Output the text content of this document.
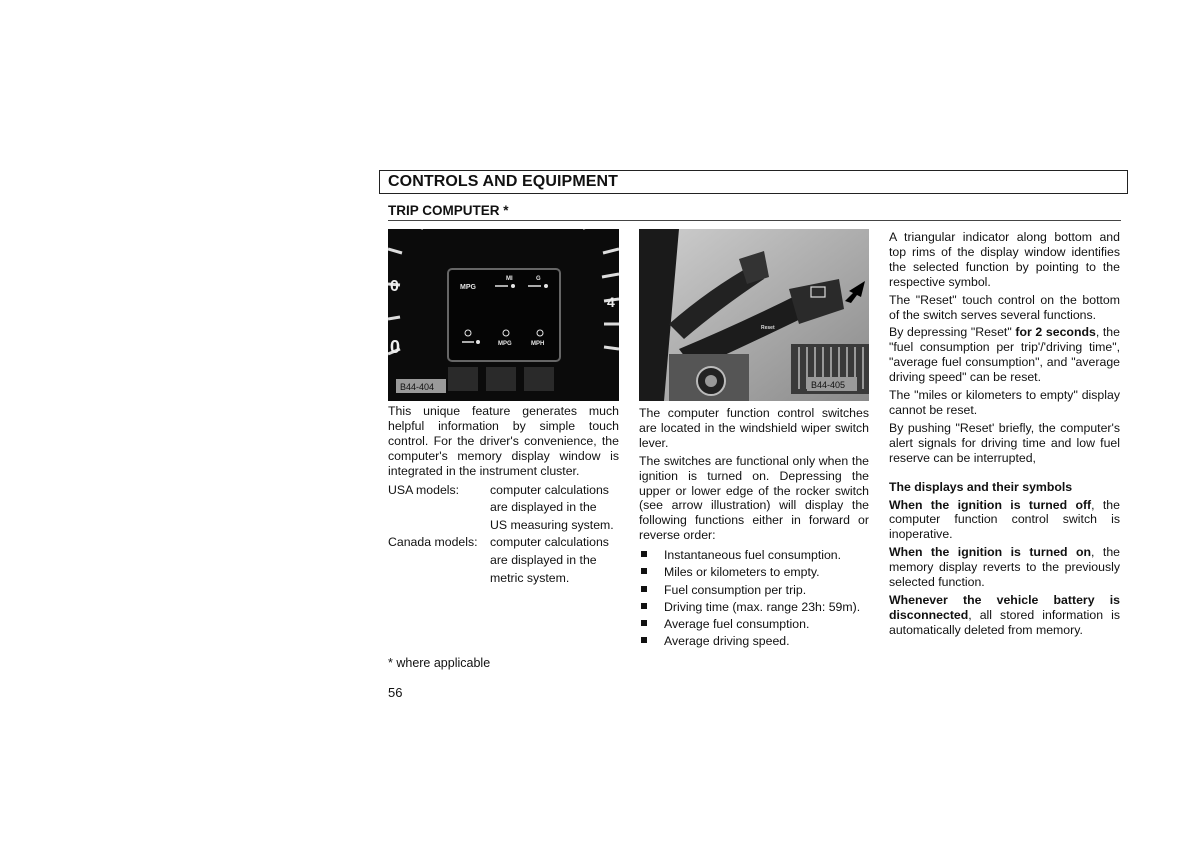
CONTROLS AND EQUIPMENT
TRIP COMPUTER *
0
0
4
MPG
MI	G
MPG	MPH
B44-404
Reset
B44-405

This unique feature generates much helpful information by simple touch control. For the driver's convenience, the computer's memory display window is integrated in the instrument cluster.

USA models:	computer calculations
are displayed in the
US measuring system.
Canada models:	computer calculations
are displayed in the
metric system.

The computer function control switches are located in the windshield wiper switch lever.

The switches are functional only when the ignition is turned on. Depressing the upper or lower edge of the rocker switch (see arrow illustration) will display the following functions either in forward or reverse order:

Instantaneous fuel consumption.
Miles or kilometers to empty.
Fuel consumption per trip.
Driving time (max. range 23h: 59m).
Average fuel consumption.
Average driving speed.

A triangular indicator along bottom and top rims of the display window identifies the selected function by pointing to the respective symbol.

The "Reset" touch control on the bottom of the switch serves several functions.

By depressing "Reset" for 2 seconds, the "fuel consumption per trip'/'driving time", "average fuel consumption", and "average driving speed" can be reset.

The "miles or kilometers to empty" display cannot be reset.

By pushing "Reset' briefly, the computer's alert signals for driving time and low fuel reserve can be interrupted,

The displays and their symbols

When the ignition is turned off, the computer function control switch is inoperative.

When the ignition is turned on, the memory display reverts to the previously selected function.

Whenever the vehicle battery is disconnected, all stored information is automatically deleted from memory.

* where applicable
56
